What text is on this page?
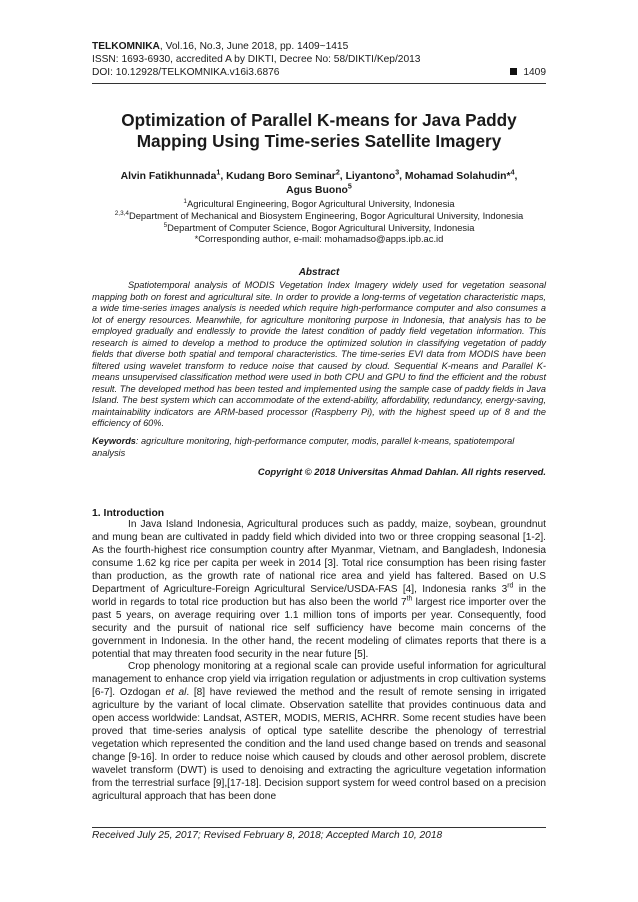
TELKOMNIKA, Vol.16, No.3, June 2018, pp. 1409~1415
ISSN: 1693-6930, accredited A by DIKTI, Decree No: 58/DIKTI/Kep/2013
DOI: 10.12928/TELKOMNIKA.v16i3.6876	1409
Optimization of Parallel K-means for Java Paddy Mapping Using Time-series Satellite Imagery
Alvin Fatikhunnada$^1$, Kudang Boro Seminar$^2$, Liyantono$^3$, Mohamad Solahudin*$^4$,
Agus Buono$^5$
$^1$Agricultural Engineering, Bogor Agricultural University, Indonesia
$^{2,3,4}$Department of Mechanical and Biosystem Engineering, Bogor Agricultural University, Indonesia
$^5$Department of Computer Science, Bogor Agricultural University, Indonesia
*Corresponding author, e-mail: mohamadso@apps.ipb.ac.id
Abstract

Spatiotemporal analysis of MODIS Vegetation Index Imagery widely used for vegetation seasonal mapping both on forest and agricultural site. In order to provide a long-terms of vegetation characteristic maps, a wide time-series images analysis is needed which require high-performance computer and also consumes a lot of energy resources. Meanwhile, for agriculture monitoring purpose in Indonesia, that analysis has to be employed gradually and endlessly to provide the latest condition of paddy field vegetation information. This research is aimed to develop a method to produce the optimized solution in classifying vegetation of paddy fields that diverse both spatial and temporal characteristics. The time-series EVI data from MODIS have been filtered using wavelet transform to reduce noise that caused by cloud. Sequential K-means and Parallel K-means unsupervised classification method were used in both CPU and GPU to find the efficient and the robust result. The developed method has been tested and implemented using the sample case of paddy fields in Java Island. The best system which can accommodate of the extend-ability, affordability, redundancy, energy-saving, maintainability indicators are ARM-based processor (Raspberry Pi), with the highest speed up of 8 and the efficiency of 60%.

Keywords: agriculture monitoring, high-performance computer, modis, parallel k-means, spatiotemporal analysis

Copyright © 2018 Universitas Ahmad Dahlan. All rights reserved.

1. Introduction

In Java Island Indonesia, Agricultural produces such as paddy, maize, soybean, groundnut and mung bean are cultivated in paddy field which divided into two or three cropping seasonal [1-2]. As the fourth-highest rice consumption country after Myanmar, Vietnam, and Bangladesh, Indonesia consume 1.62 kg rice per capita per week in 2014 [3]. Total rice consumption has been rising faster than production, as the growth rate of national rice area and yield has faltered. Based on U.S Department of Agriculture-Foreign Agricultural Service/USDA-FAS [4], Indonesia ranks 3rd in the world in regards to total rice production but has also been the world 7th largest rice importer over the past 5 years, on average requiring over 1.1 million tons of imports per year. Consequently, food security and the pursuit of national rice self sufficiency have become main concerns of the government in Indonesia. In the other hand, the recent modeling of climates reports that there is a potential that may threaten food security in the near future [5].

Crop phenology monitoring at a regional scale can provide useful information for agricultural management to enhance crop yield via irrigation regulation or adjustments in crop cultivation systems [6-7]. Ozdogan et al. [8] have reviewed the method and the result of remote sensing in irrigated agriculture by the variant of local climate. Observation satellite that provides continuous data and open access worldwide: Landsat, ASTER, MODIS, MERIS, ACHRR. Some recent studies have been proved that time-series analysis of optical type satellite describe the phenology of terrestrial vegetation which represented the condition and the land used change based on trends and seasonal change [9-16]. In order to reduce noise which caused by clouds and other aerosol problem, discrete wavelet transform (DWT) is used to denoising and extracting the agriculture vegetation information from the terrestrial surface [9],[17-18]. Decision support system for weed control based on a precision agricultural approach that has been done

Received July 25, 2017; Revised February 8, 2018; Accepted March 10, 2018
